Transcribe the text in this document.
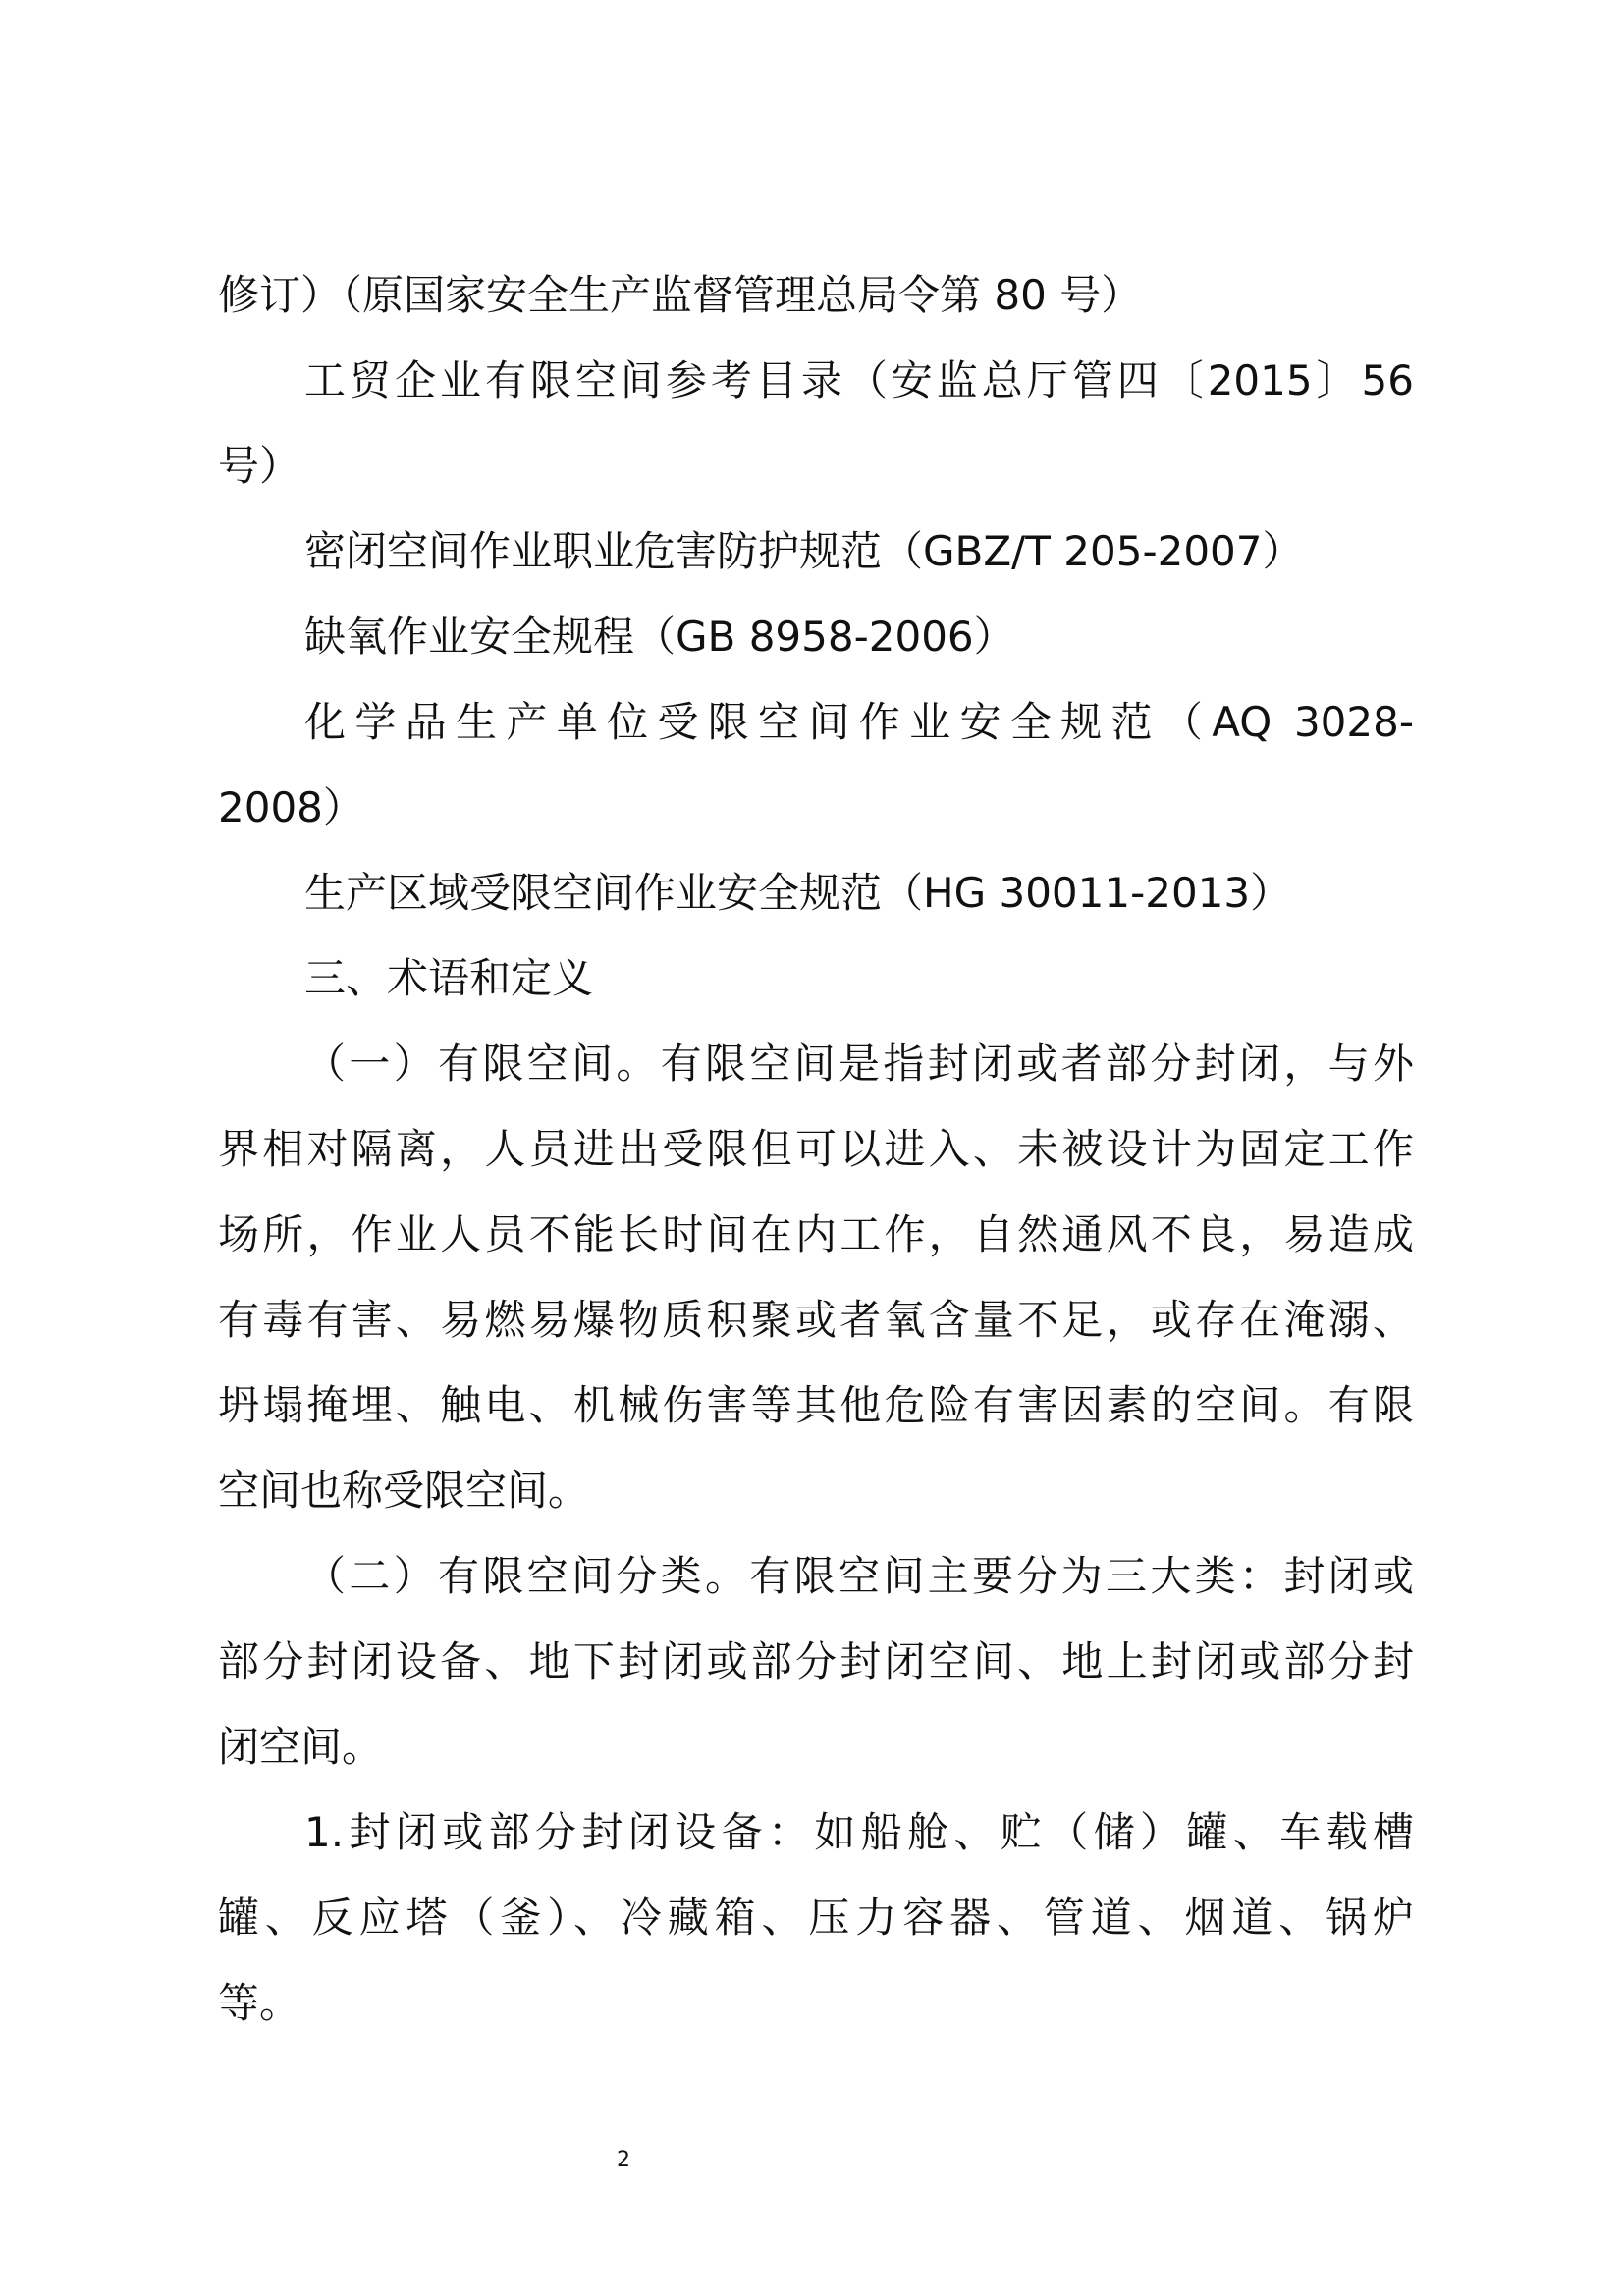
修订）（原国家安全生产监督管理总局令第 80 号）
工贸企业有限空间参考目录（安监总厅管四〔2015〕56
号）
密闭空间作业职业危害防护规范（GBZ/T 205-2007）
缺氧作业安全规程（GB 8958-2006）
化学品生产单位受限空间作业安全规范（AQ 3028-
2008）
生产区域受限空间作业安全规范（HG 30011-2013）
三、术语和定义
（一）有限空间。有限空间是指封闭或者部分封闭，与外
界相对隔离，人员进出受限但可以进入、未被设计为固定工作
场所，作业人员不能长时间在内工作，自然通风不良，易造成
有毒有害、易燃易爆物质积聚或者氧含量不足，或存在淹溺、
坍塌掩埋、触电、机械伤害等其他危险有害因素的空间。有限
空间也称受限空间。
（二）有限空间分类。有限空间主要分为三大类：封闭或
部分封闭设备、地下封闭或部分封闭空间、地上封闭或部分封
闭空间。
1.封闭或部分封闭设备：如船舱、贮（储）罐、车载槽
罐、反应塔（釜）、冷藏箱、压力容器、管道、烟道、锅炉
等。
2
